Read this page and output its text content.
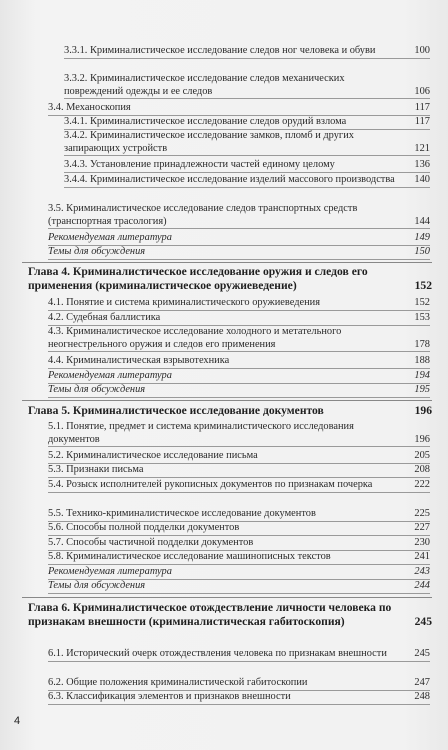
3.3.1. Криминалистическое исследование следов ног человека и обуви	100
3.3.2. Криминалистическое исследование следов механических повреждений одежды и ее следов	106
3.4. Механоскопия	117
3.4.1. Криминалистическое исследование следов орудий взлома	117
3.4.2. Криминалистическое исследование замков, пломб и других запирающих устройств	121
3.4.3. Установление принадлежности частей единому целому	136
3.4.4. Криминалистическое исследование изделий массового производства	140
3.5. Криминалистическое исследование следов транспортных средств (транспортная трасология)	144
Рекомендуемая литература	149
Темы для обсуждения	150
Глава 4. Криминалистическое исследование оружия и следов его применения (криминалистическое оружиеведение)	152
4.1. Понятие и система криминалистического оружиеведения	152
4.2. Судебная баллистика	153
4.3. Криминалистическое исследование холодного и метательного неогнестрельного оружия и следов его применения	178
4.4. Криминалистическая взрывотехника	188
Рекомендуемая литература	194
Темы для обсуждения	195
Глава 5. Криминалистическое исследование документов	196
5.1. Понятие, предмет и система криминалистического исследования документов	196
5.2. Криминалистическое исследование письма	205
5.3. Признаки письма	208
5.4. Розыск исполнителей рукописных документов по признакам почерка	222
5.5. Технико-криминалистическое исследование документов	225
5.6. Способы полной подделки документов	227
5.7. Способы частичной подделки документов	230
5.8. Криминалистическое исследование машинописных текстов	241
Рекомендуемая литература	243
Темы для обсуждения	244
Глава 6. Криминалистическое отождествление личности человека по признакам внешности (криминалистическая габитоскопия)	245
6.1. Исторический очерк отождествления человека по признакам внешности	245
6.2. Общие положения криминалистической габитоскопии	247
6.3. Классификация элементов и признаков внешности	248
4
